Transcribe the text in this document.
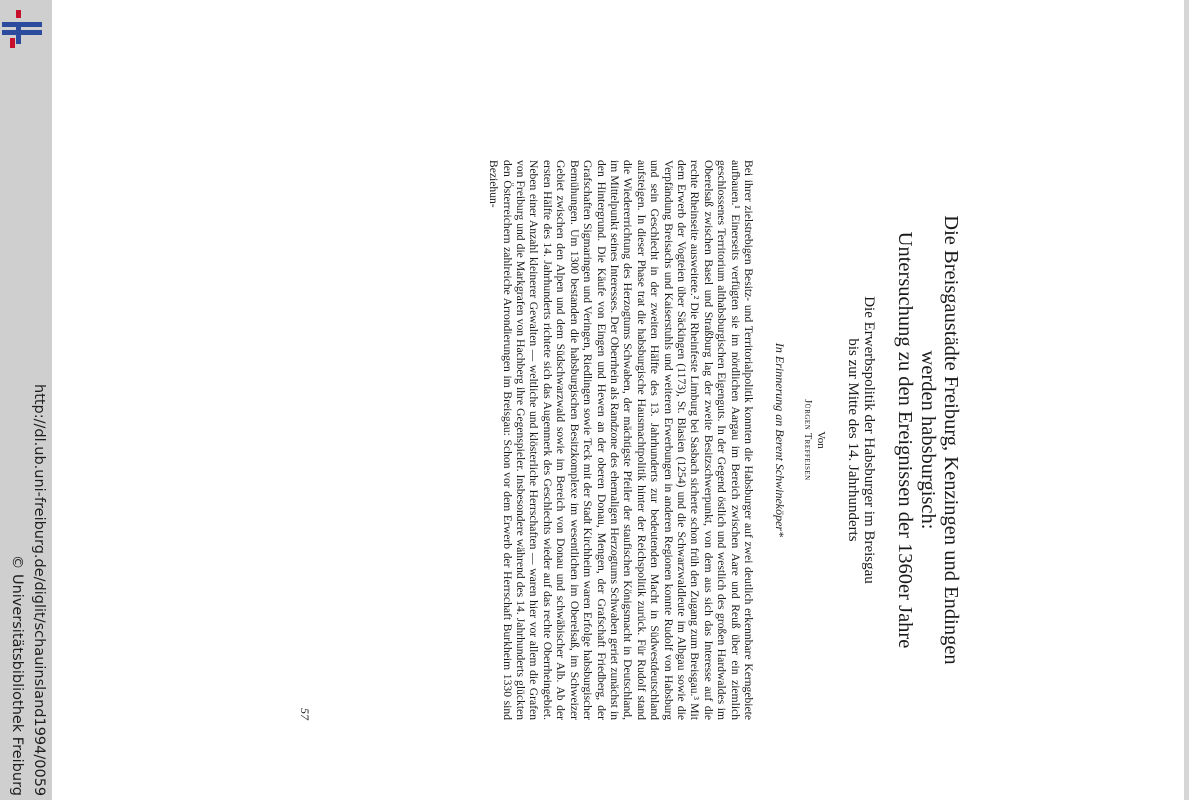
http://dl.ub.uni-freiburg.de/diglit/schauinsland1994/0059
© Universitätsbibliothek Freiburg
Die Breisgaustädte Freiburg, Kenzingen und Endingen
werden habsburgisch:
Untersuchung zu den Ereignissen der 1360er Jahre
Die Erwerbspolitik der Habsburger im Breisgau
bis zur Mitte des 14. Jahrhunderts
Von
Jürgen Treffeisen
In Erinnerung an Berent Schwineköper*
Bei ihrer zielstrebigen Besitz- und Territorialpolitik konnten die Habsburger auf zwei deutlich erkennbare Kerngebiete aufbauen.¹ Einerseits verfügten sie im nördlichen Aargau im Bereich zwischen Aare und Reuß über ein ziemlich geschlossenes Territorium althabsburgischen Eigenguts. In der Gegend östlich und westlich des großen Hardwaldes im Oberelsaß zwischen Basel und Straßburg lag der zweite Besitzschwerpunkt, von dem aus sich das Interesse auf die rechte Rheinseite ausweitete.² Die Rheinfeste Limburg bei Sasbach sicherte schon früh den Zugang zum Breisgau.³ Mit dem Erwerb der Vogteien über Säckingen (1173), St. Blasien (1254) und die Schwarzwaldleute im Albgau sowie die Verpfändung Breisachs und Kaiserstuhls und weiteren Erwerbungen in anderen Regionen konnte Rudolf von Habsburg und sein Geschlecht in der zweiten Hälfte des 13. Jahrhunderts zur bedeutenden Macht in Südwestdeutschland aufsteigen. In dieser Phase trat die habsburgische Hausmachtpolitik hinter der Reichspolitik zurück. Für Rudolf stand die Wiedererrichtung des Herzogtums Schwaben, der mächtigste Pfeiler der staufischen Königsmacht in Deutschland, im Mittelpunkt seines Interesses. Der Oberrhein als Randzone des ehemaligen Herzogtums Schwaben geriet zunächst in den Hintergrund. Die Käufe von Eingen und Hewen an der oberen Donau, Mengen, der Grafschaft Friedberg, der Grafschaften Sigmaringen und Veringen, Riedlingen sowie Teck mit der Stadt Kirchheim waren Erfolge habsburgischer Bemühungen. Um 1300 bestanden die habsburgischen Besitzkomplexe im wesentlichen im Oberelsaß, im Schweizer Gebiet zwischen den Alpen und dem Südschwarzwald sowie im Bereich von Donau und schwäbischer Alb. Ab der ersten Hälfte des 14. Jahrhunderts richtete sich das Augenmerk des Geschlechts wieder auf das rechte Oberrheingebiet. Neben einer Anzahl kleinerer Gewalten — weltliche und klösterliche Herrschaften — waren hier vor allem die Grafen von Freiburg und die Markgrafen von Hachberg ihre Gegenspieler. Insbesondere während des 14. Jahrhunderts glückten den Österreichern zahlreiche Arrondierungen im Breisgau: Schon vor dem Erwerb der Herrschaft Burkheim 1330 sind Beziehun-
57
